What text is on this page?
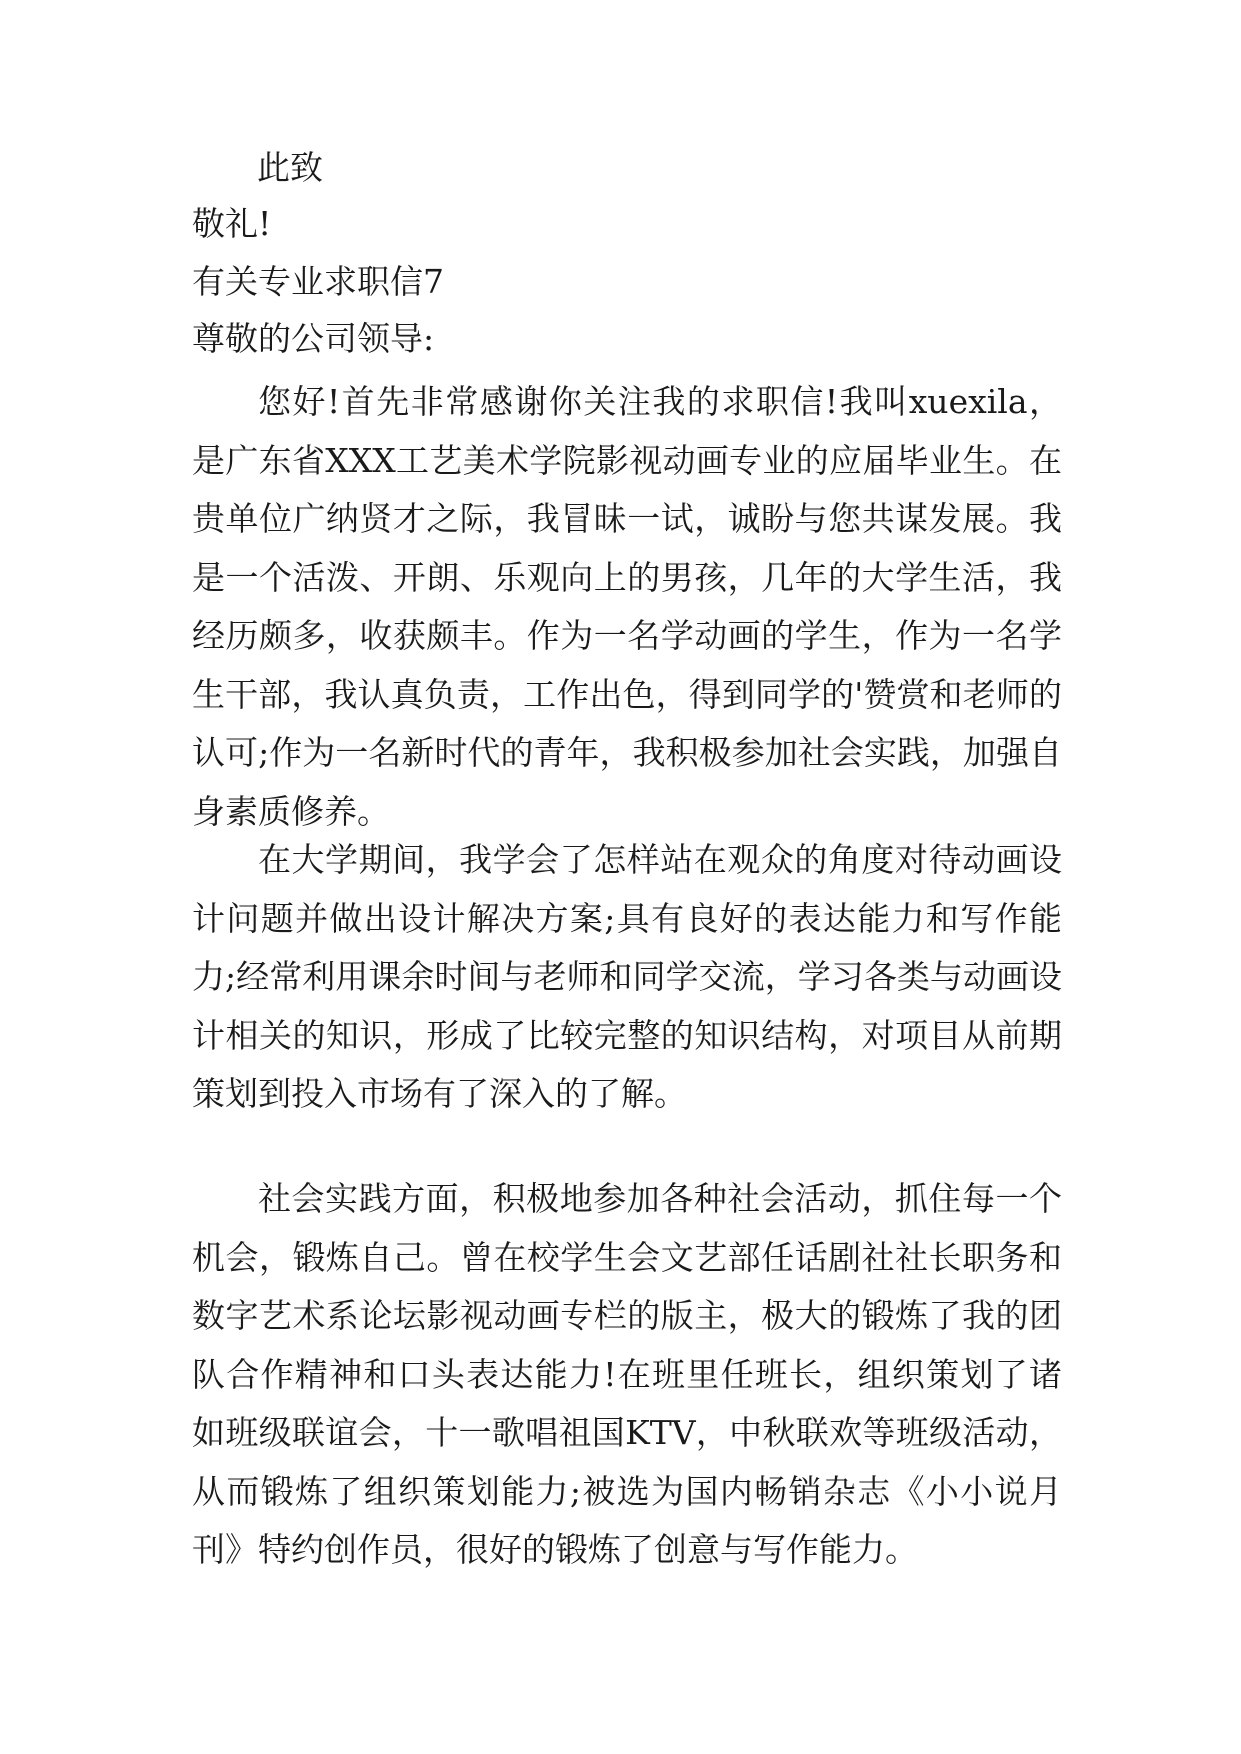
此致
敬礼!
有关专业求职信7
尊敬的公司领导:

您好!首先非常感谢你关注我的求职信!我叫xuexila，是广东省XXX工艺美术学院影视动画专业的应届毕业生。在贵单位广纳贤才之际，我冒昧一试，诚盼与您共谋发展。我是一个活泼、开朗、乐观向上的男孩，几年的大学生活，我经历颇多，收获颇丰。作为一名学动画的学生，作为一名学生干部，我认真负责，工作出色，得到同学的'赞赏和老师的认可;作为一名新时代的青年，我积极参加社会实践，加强自身素质修养。

在大学期间，我学会了怎样站在观众的角度对待动画设计问题并做出设计解决方案;具有良好的表达能力和写作能力;经常利用课余时间与老师和同学交流，学习各类与动画设计相关的知识，形成了比较完整的知识结构，对项目从前期策划到投入市场有了深入的了解。

社会实践方面，积极地参加各种社会活动，抓住每一个机会，锻炼自己。曾在校学生会文艺部任话剧社社长职务和数字艺术系论坛影视动画专栏的版主，极大的锻炼了我的团队合作精神和口头表达能力!在班里任班长，组织策划了诸如班级联谊会，十一歌唱祖国KTV，中秋联欢等班级活动，从而锻炼了组织策划能力;被选为国内畅销杂志《小小说月刊》特约创作员，很好的锻炼了创意与写作能力。
